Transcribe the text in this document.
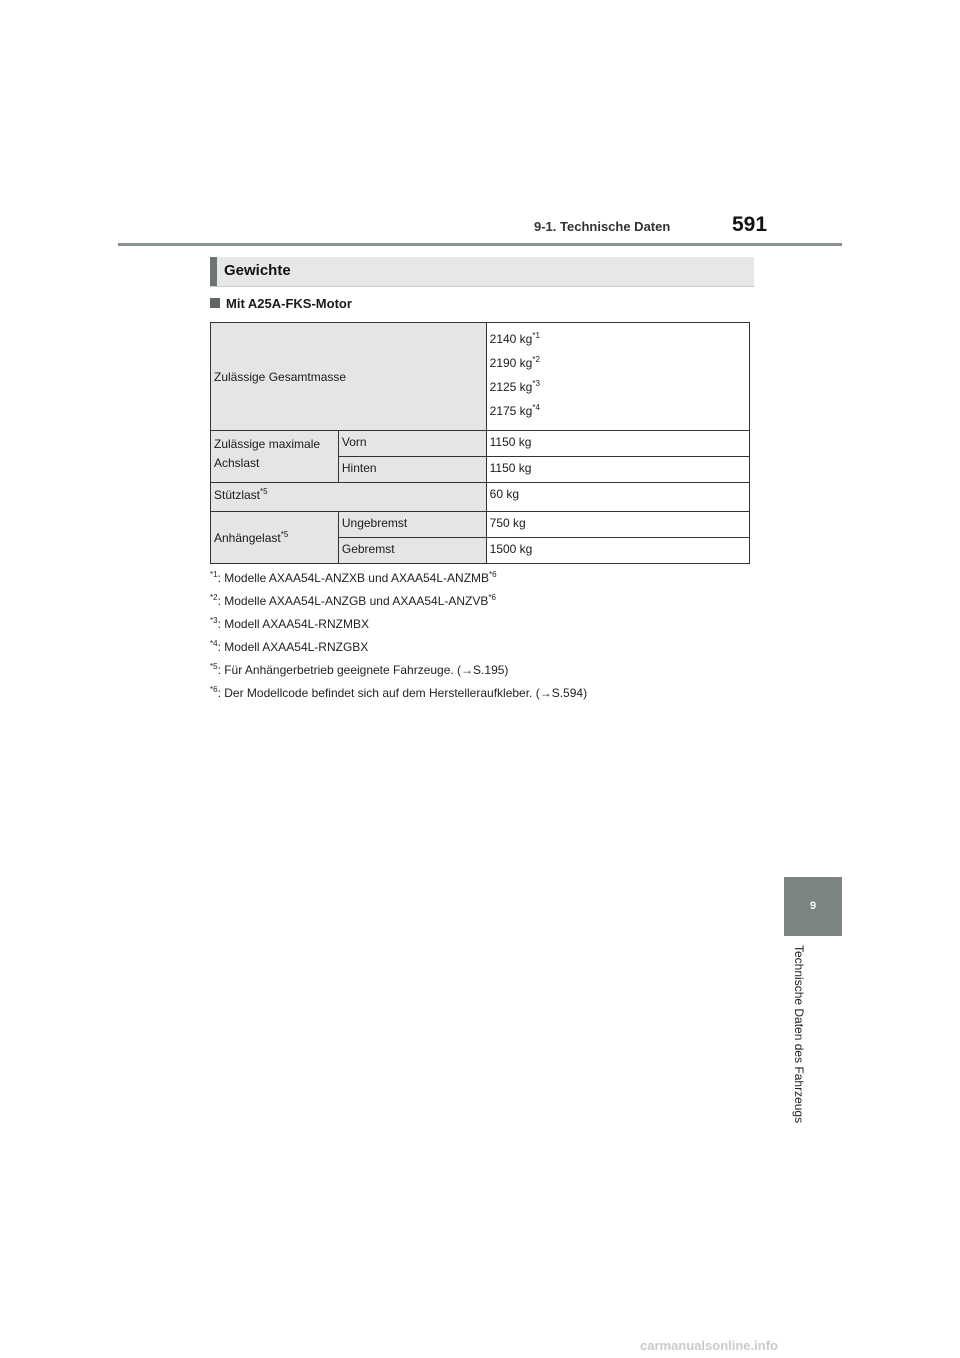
9-1. Technische Daten	591
Gewichte
Mit A25A-FKS-Motor
Zulässige Gesamtmasse		2140 $kg^{*1}$
2190 $kg^{*2}$
2125 $kg^{*3}$
2175 $kg^{*4}$

Zulässige maximale Achslast	Vorn	1150 kg
	Hinten	1150 kg
Stützlast$^{*5}$		60 kg
Anhängelast$^{*5}$	Ungebremst	750 kg
	Gebremst	1500 kg
$^{*1}$: Modelle AXAA54L-ANZXB und AXAA54L-ANZMB$^{*6}$
$^{*2}$: Modelle AXAA54L-ANZGB und AXAA54L-ANZVB$^{*6}$
$^{*3}$: Modell AXAA54L-RNZMBX
$^{*4}$: Modell AXAA54L-RNZGBX
$^{*5}$: Für Anhängerbetrieb geeignete Fahrzeuge. (→S.195)
$^{*6}$: Der Modellcode befindet sich auf dem Herstelleraufkleber. (→S.594)
9
Technische Daten des Fahrzeugs
carmanualsonline.info
